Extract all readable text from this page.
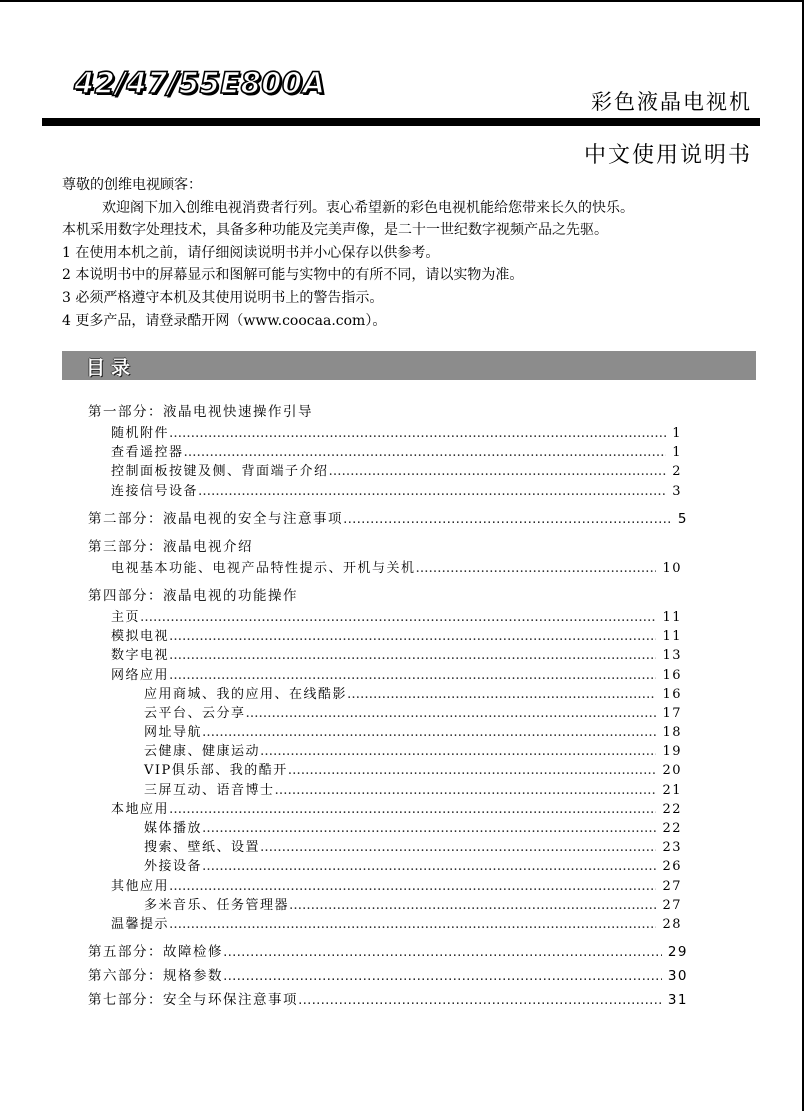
42/47/55E800A
彩色液晶电视机
中文使用说明书
尊敬的创维电视顾客：
欢迎阁下加入创维电视消费者行列。衷心希望新的彩色电视机能给您带来长久的快乐。
本机采用数字处理技术，具备多种功能及完美声像，是二十一世纪数字视频产品之先驱。
1 在使用本机之前，请仔细阅读说明书并小心保存以供参考。
2 本说明书中的屏幕显示和图解可能与实物中的有所不同，请以实物为准。
3 必须严格遵守本机及其使用说明书上的警告指示。
4 更多产品，请登录酷开网（www.coocaa.com）。
目录
第一部分：液晶电视快速操作引导
随机附件 ………………………………………………………………………………………………………………………………………………	1
查看遥控器 ………………………………………………………………………………………………………………………………………………	1
控制面板按键及侧、背面端子介绍 ………………………………………………………………………………………………………………………………………………	2
连接信号设备 ………………………………………………………………………………………………………………………………………………	3
第二部分：液晶电视的安全与注意事项 ………………………………………………………………………………………………………………………………………………	5
第三部分：液晶电视介绍
电视基本功能、电视产品特性提示、开机与关机 ………………………………………………………………………………………………………………………………………………	10
第四部分：液晶电视的功能操作
主页 ………………………………………………………………………………………………………………………………………………	11
模拟电视 ………………………………………………………………………………………………………………………………………………	11
数字电视 ………………………………………………………………………………………………………………………………………………	13
网络应用 ………………………………………………………………………………………………………………………………………………	16
应用商城、我的应用、在线酷影 ………………………………………………………………………………………………………………………………………………	16
云平台、云分享 ………………………………………………………………………………………………………………………………………………	17
网址导航 ………………………………………………………………………………………………………………………………………………	18
云健康、健康运动 ………………………………………………………………………………………………………………………………………………	19
VIP俱乐部、我的酷开 ………………………………………………………………………………………………………………………………………………	20
三屏互动、语音博士 ………………………………………………………………………………………………………………………………………………	21
本地应用 ………………………………………………………………………………………………………………………………………………	22
媒体播放 ………………………………………………………………………………………………………………………………………………	22
搜索、壁纸、设置 ………………………………………………………………………………………………………………………………………………	23
外接设备 ………………………………………………………………………………………………………………………………………………	26
其他应用 ………………………………………………………………………………………………………………………………………………	27
多米音乐、任务管理器 ………………………………………………………………………………………………………………………………………………	27
温馨提示 ………………………………………………………………………………………………………………………………………………	28
第五部分：故障检修 ………………………………………………………………………………………………………………………………………………	29
第六部分：规格参数 ………………………………………………………………………………………………………………………………………………	30
第七部分：安全与环保注意事项 ………………………………………………………………………………………………………………………………………………	31
